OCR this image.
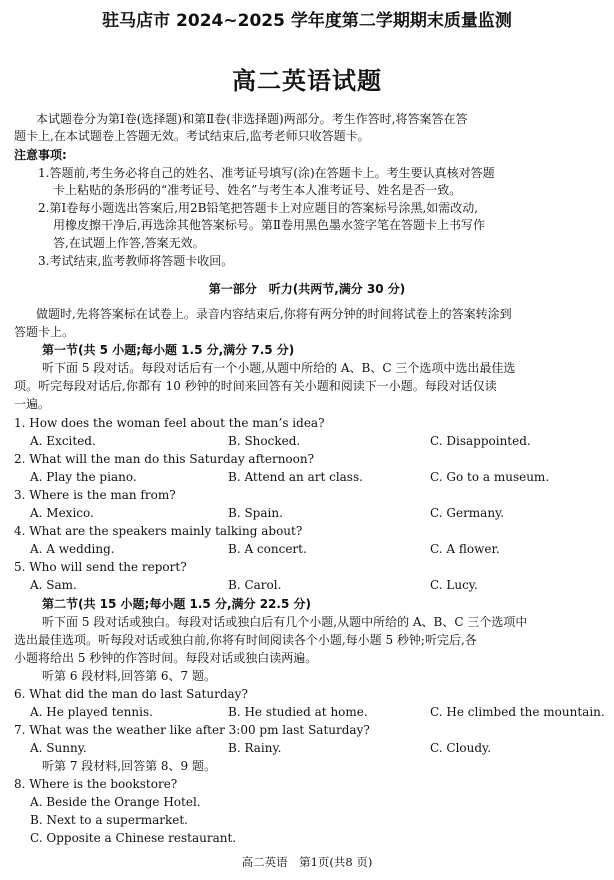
驻马店市 2024~2025 学年度第二学期期末质量监测
高二英语试题
本试题卷分为第Ⅰ卷(选择题)和第Ⅱ卷(非选择题)两部分。考生作答时,将答案答在答
题卡上,在本试题卷上答题无效。考试结束后,监考老师只收答题卡。
注意事项:
1.答题前,考生务必将自己的姓名、准考证号填写(涂)在答题卡上。考生要认真核对答题
卡上粘贴的条形码的“准考证号、姓名”与考生本人准考证号、姓名是否一致。
2.第Ⅰ卷每小题选出答案后,用2B铅笔把答题卡上对应题目的答案标号涂黑,如需改动,
用橡皮擦干净后,再选涂其他答案标号。第Ⅱ卷用黑色墨水签字笔在答题卡上书写作
答,在试题上作答,答案无效。
3.考试结束,监考教师将答题卡收回。
第一部分　听力(共两节,满分 30 分)
做题时,先将答案标在试卷上。录音内容结束后,你将有两分钟的时间将试卷上的答案转涂到
答题卡上。
第一节(共 5 小题;每小题 1.5 分,满分 7.5 分)
听下面 5 段对话。每段对话后有一个小题,从题中所给的 A、B、C 三个选项中选出最佳选
项。听完每段对话后,你都有 10 秒钟的时间来回答有关小题和阅读下一小题。每段对话仅读
一遍。
1. How does the woman feel about the man’s idea?
A. Excited.	B. Shocked.	C. Disappointed.
2. What will the man do this Saturday afternoon?
A. Play the piano.	B. Attend an art class.	C. Go to a museum.
3. Where is the man from?
A. Mexico.	B. Spain.	C. Germany.
4. What are the speakers mainly talking about?
A. A wedding.	B. A concert.	C. A flower.
5. Who will send the report?
A. Sam.	B. Carol.	C. Lucy.
第二节(共 15 小题;每小题 1.5 分,满分 22.5 分)
听下面 5 段对话或独白。每段对话或独白后有几个小题,从题中所给的 A、B、C 三个选项中
选出最佳选项。听每段对话或独白前,你将有时间阅读各个小题,每小题 5 秒钟;听完后,各
小题将给出 5 秒钟的作答时间。每段对话或独白读两遍。
听第 6 段材料,回答第 6、7 题。
6. What did the man do last Saturday?
A. He played tennis.	B. He studied at home.	C. He climbed the mountain.
7. What was the weather like after 3:00 pm last Saturday?
A. Sunny.	B. Rainy.	C. Cloudy.
听第 7 段材料,回答第 8、9 题。
8. Where is the bookstore?
A. Beside the Orange Hotel.
B. Next to a supermarket.
C. Opposite a Chinese restaurant.
高二英语　第1页(共8 页)
